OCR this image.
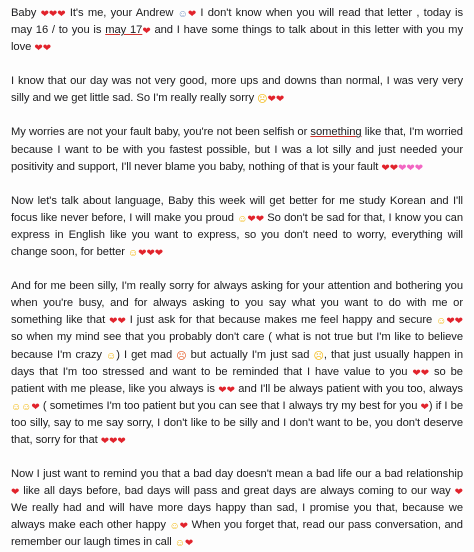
Baby ❤❤❤ It's me, your Andrew ☺❤ I don't know when you will read that letter , today is may 16 / to you is may 17❤ and I have some things to talk about in this letter with you my love ❤❤

I know that our day was not very good, more ups and downs than normal, I was very very silly and we get little sad. So I'm really really sorry ☹❤❤

My worries are not your fault baby, you're not been selfish or something like that, I'm worried because I want to be with you fastest possible, but I was a lot silly and just needed your positivity and support, I'll never blame you baby, nothing of that is your fault ❤❤❤❤❤

Now let's talk about language, Baby this week will get better for me study Korean and I'll focus like never before, I will make you proud ☺❤❤ So don't be sad for that, I know you can express in English like you want to express, so you don't need to worry, everything will change soon, for better ☺❤❤❤

And for me been silly, I'm really sorry for always asking for your attention and bothering you when you're busy, and for always asking to you say what you want to do with me or something like that ❤❤ I just ask for that because makes me feel happy and secure ☺❤❤ so when my mind see that you probably don't care ( what is not true but I'm like to believe because I'm crazy ☺) I get mad ☹ but actually I'm just sad ☹, that just usually happen in days that I'm too stressed and want to be reminded that I have value to you ❤❤ so be patient with me please, like you always is ❤❤ and I'll be always patient with you too, always ☺☺❤ ( sometimes I'm too patient but you can see that I always try my best for you ❤) if I be too silly, say to me say sorry, I don't like to be silly and I don't want to be, you don't deserve that, sorry for that ❤❤❤

Now I just want to remind you that a bad day doesn't mean a bad life our a bad relationship ❤ like all days before, bad days will pass and great days are always coming to our way ❤ We really had and will have more days happy than sad, I promise you that, because we always make each other happy ☺❤ When you forget that, read our pass conversation, and remember our laugh times in call ☺❤
